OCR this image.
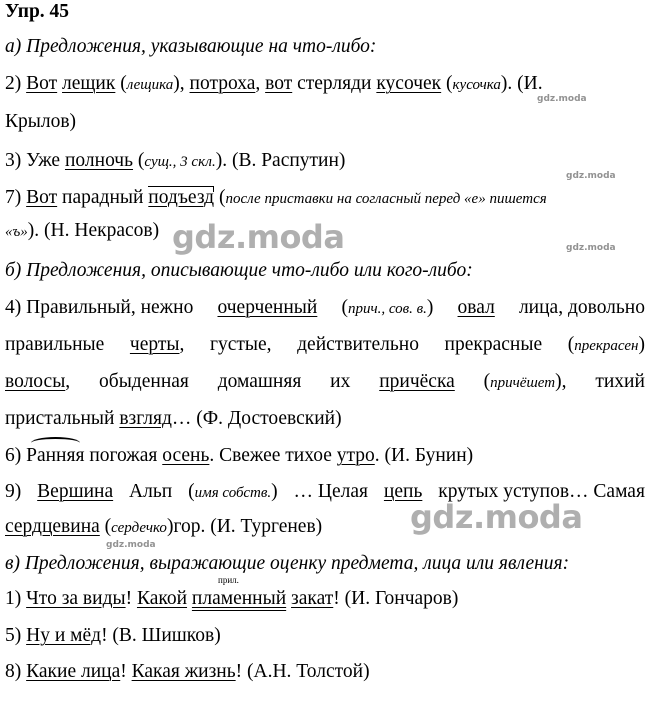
Упр. 45
а) Предложения, указывающие на что-либо:
2) Вот лещик (лещика), потроха, вот стерляди кусочек (кусочка). (И.
Крылов)
3) Уже полночь (сущ., 3 скл.). (В. Распутин)
7) Вот парадный подъезд (после приставки на согласный перед «е» пишется
«ъ»). (Н. Некрасов)
б) Предложения, описывающие что-либо или кого-либо:
4) Правильный, нежно очерченный (прич., сов. в.) овал лица, довольно
правильные черты, густые, действительно прекрасные (прекрасен)
волосы, обыденная домашняя их причёска (причёшет), тихий
пристальный взгляд… (Ф. Достоевский)
6) Ранняя погожая осень. Свежее тихое утро. (И. Бунин)
9) Вершина Альп (имя собств.) … Целая цепь крутых уступов… Самая
сердцевина (сердечко)гор. (И. Тургенев)
в) Предложения, выражающие оценку предмета, лица или явления:
прил.
1) Что за виды! Какой пламенный закат! (И. Гончаров)
5) Ну и мёд! (В. Шишков)
8) Какие лица! Какая жизнь! (А.Н. Толстой)
gdz.moda
gdz.moda
gdz.moda
gdz.moda
gdz.moda
gdz.moda
